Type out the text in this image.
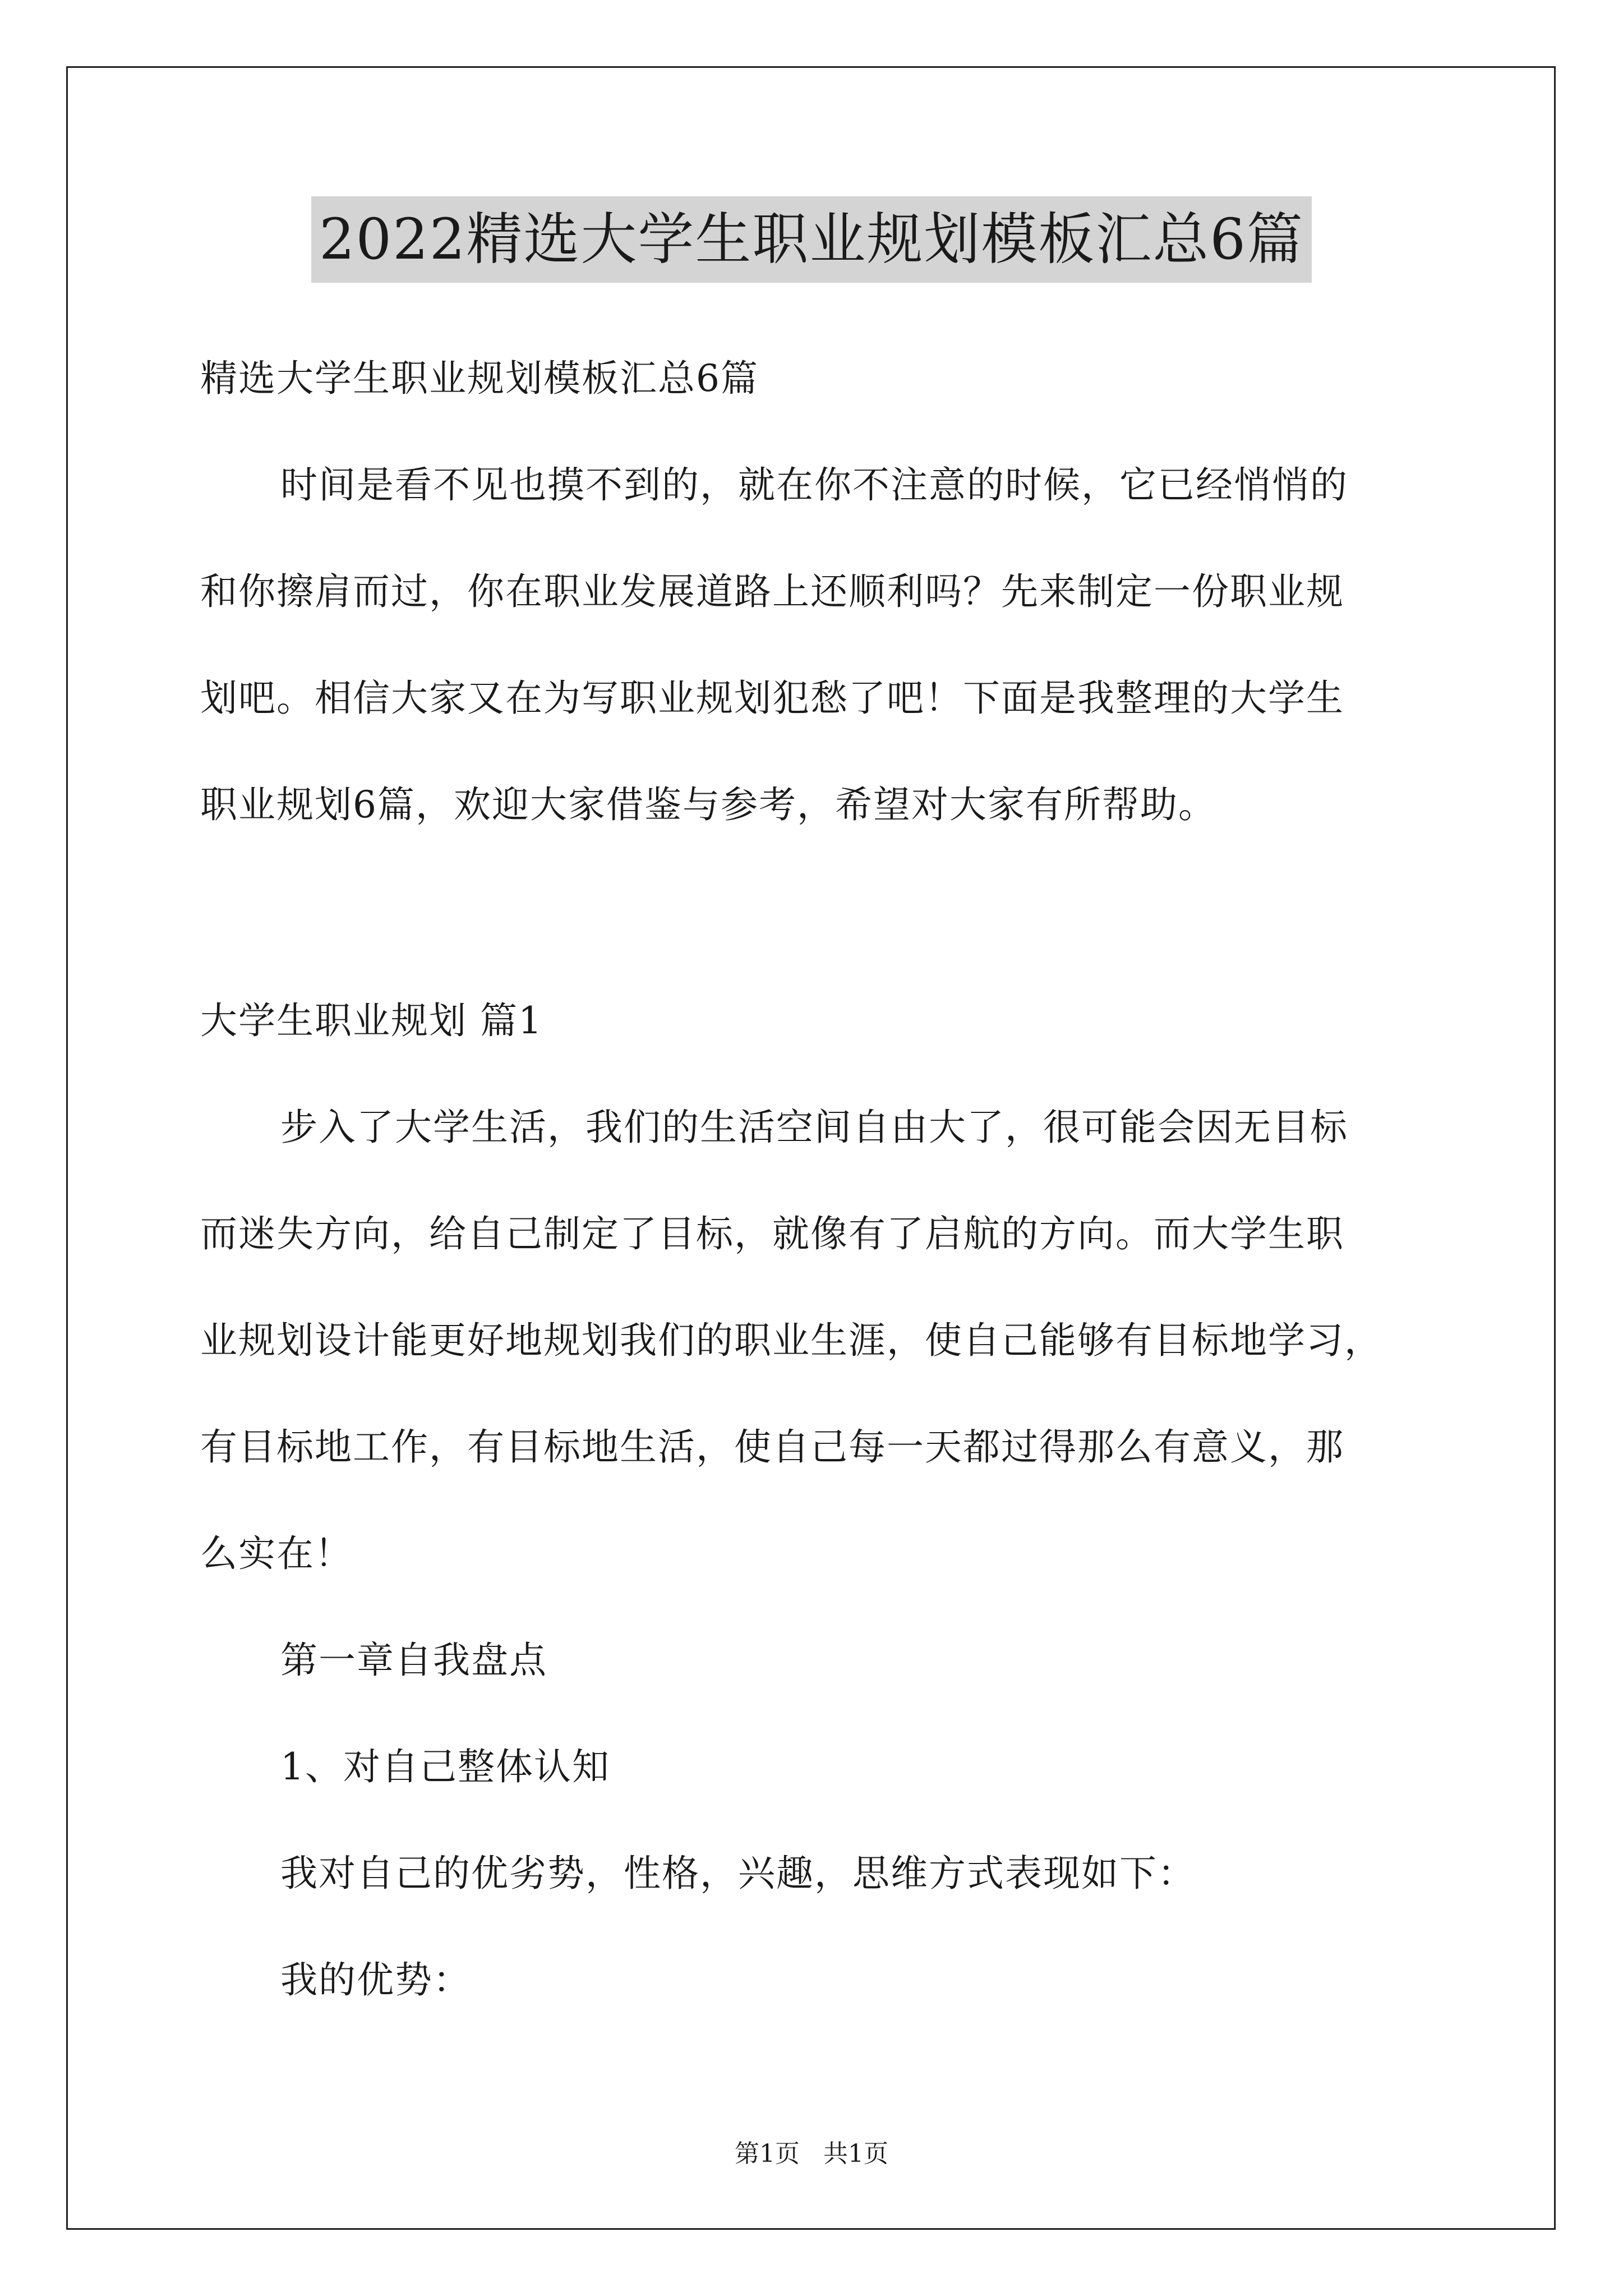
2022精选大学生职业规划模板汇总6篇
精选大学生职业规划模板汇总6篇
时间是看不见也摸不到的，就在你不注意的时候，它已经悄悄的
和你擦肩而过，你在职业发展道路上还顺利吗？先来制定一份职业规
划吧。相信大家又在为写职业规划犯愁了吧！下面是我整理的大学生
职业规划6篇，欢迎大家借鉴与参考，希望对大家有所帮助。
大学生职业规划 篇1
步入了大学生活，我们的生活空间自由大了，很可能会因无目标
而迷失方向，给自己制定了目标，就像有了启航的方向。而大学生职
业规划设计能更好地规划我们的职业生涯，使自己能够有目标地学习，
有目标地工作，有目标地生活，使自己每一天都过得那么有意义，那
么实在！
第一章自我盘点
1、对自己整体认知
我对自己的优劣势，性格，兴趣，思维方式表现如下：
我的优势：
第1页   共1页
